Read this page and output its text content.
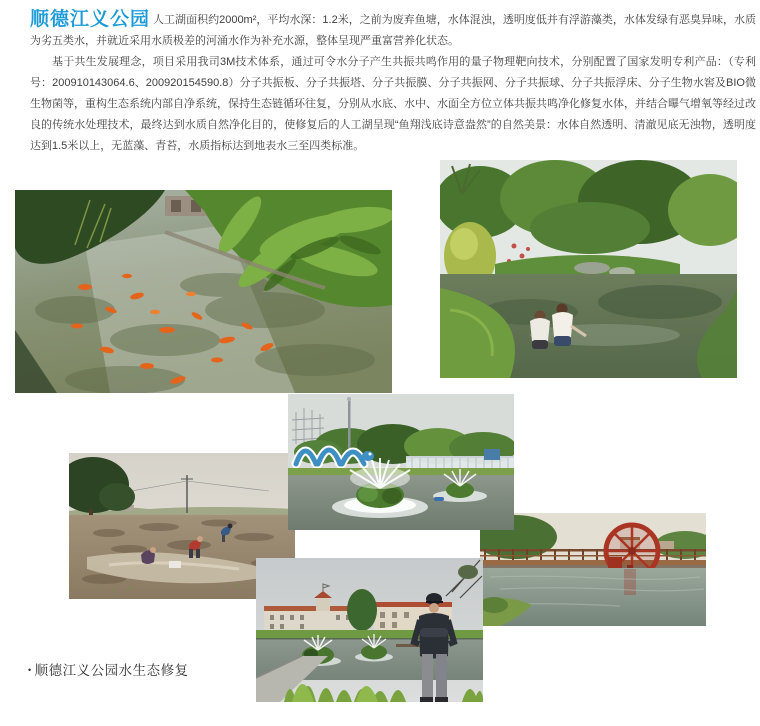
顺德江义公园 人工湖面积约2000m²，平均水深：1.2米，之前为废弃鱼塘，水体混浊，透明度低并有浮游藻类，水体发绿有恶臭异味，水质为劣五类水，并就近采用水质极差的河涌水作为补充水源，整体呈现严重富营养化状态。

基于共生发展理念，项目采用我司3M技术体系，通过可令水分子产生共振共鸣作用的量子物理靶向技术，分别配置了国家发明专利产品：（专利号：200910143064.6、200920154590.8）分子共振板、分子共振塔、分子共振膜、分子共振网、分子共振球、分子共振浮床、分子生物水窖及BIO微生物菌等，重构生态系统内部自净系统，保持生态链循环往复，分别从水底、水中、水面全方位立体共振共鸣净化修复水体，并结合曝气增氧等经过改良的传统水处理技术，最终达到水质自然净化目的，使修复后的人工湖呈现“鱼翔浅底诗意盎然”的自然美景：水体自然透明、清澈见底无浊物，透明度达到1.5米以上，无蓝藻、青苔，水质指标达到地表水三至四类标准。

• 顺德江义公园水生态修复
